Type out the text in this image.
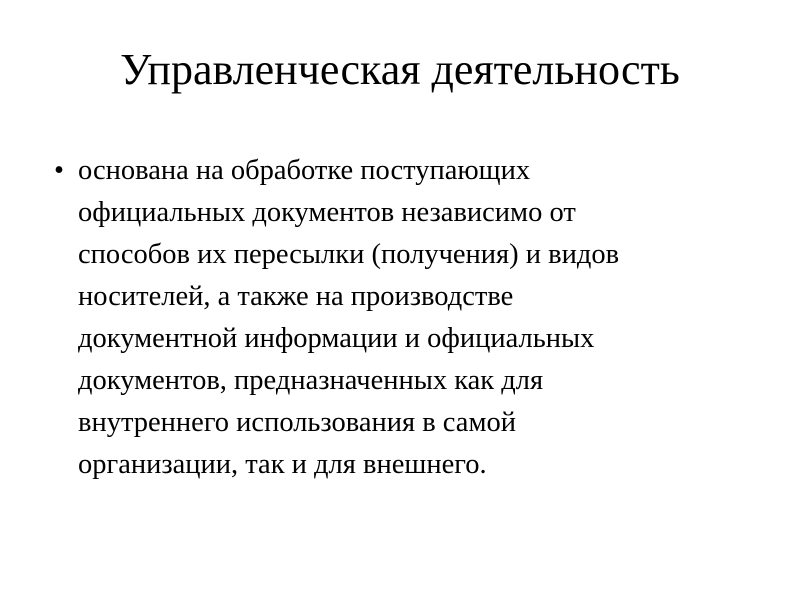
Управленческая деятельность
• основана на обработке поступающих
официальных документов независимо от
способов их пересылки (получения) и видов
носителей, а также на производстве
документной информации и официальных
документов, предназначенных как для
внутреннего использования в самой
организации, так и для внешнего.
